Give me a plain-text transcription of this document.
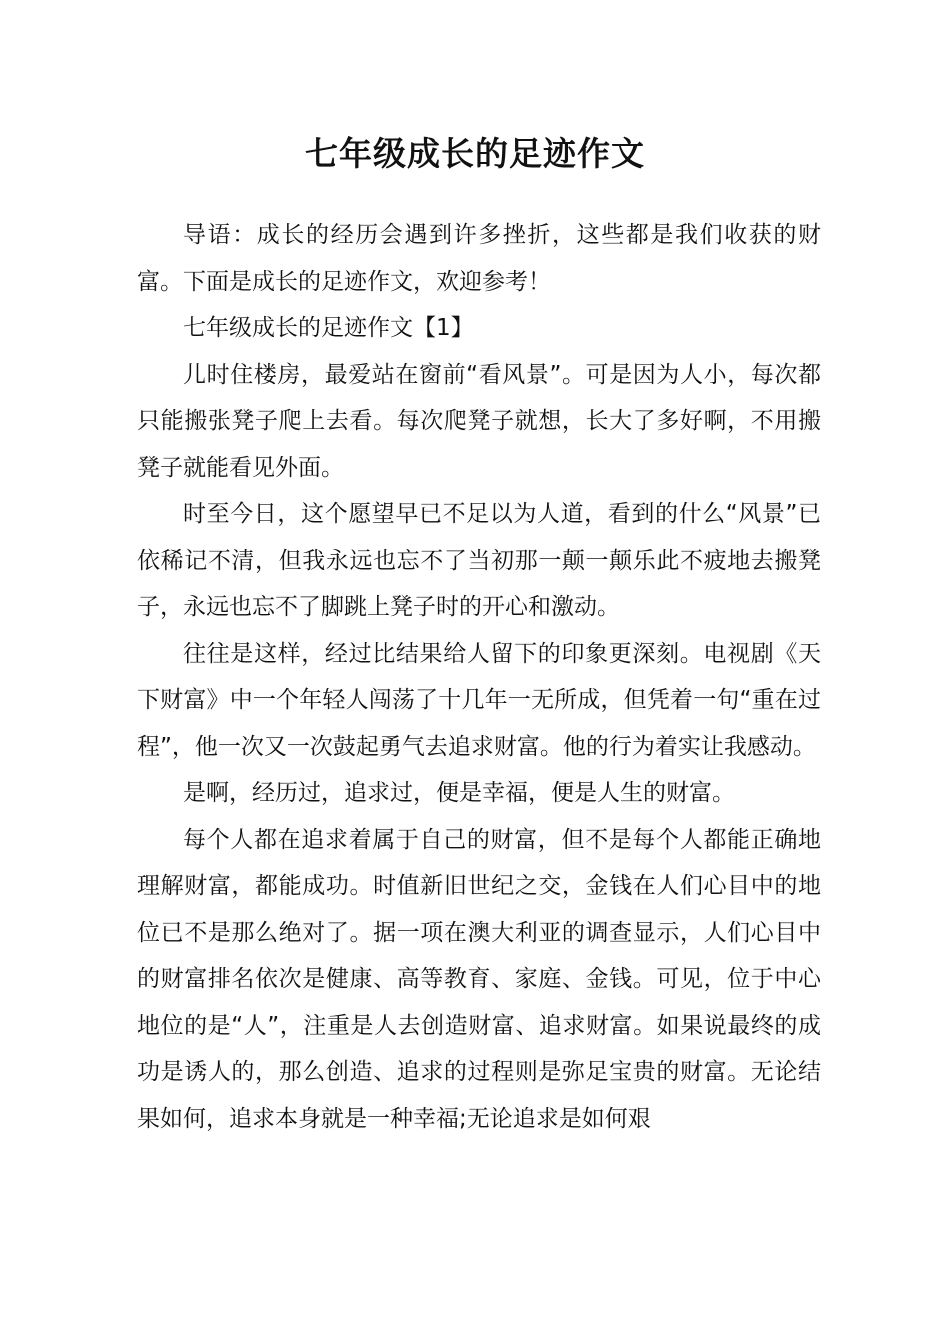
七年级成长的足迹作文

导语：成长的经历会遇到许多挫折，这些都是我们收获的财富。下面是成长的足迹作文，欢迎参考！

七年级成长的足迹作文【1】

儿时住楼房，最爱站在窗前“看风景”。可是因为人小，每次都只能搬张凳子爬上去看。每次爬凳子就想，长大了多好啊，不用搬凳子就能看见外面。

时至今日，这个愿望早已不足以为人道，看到的什么“风景”已依稀记不清，但我永远也忘不了当初那一颠一颠乐此不疲地去搬凳子，永远也忘不了脚跳上凳子时的开心和激动。

往往是这样，经过比结果给人留下的印象更深刻。电视剧《天下财富》中一个年轻人闯荡了十几年一无所成，但凭着一句“重在过程”，他一次又一次鼓起勇气去追求财富。他的行为着实让我感动。

是啊，经历过，追求过，便是幸福，便是人生的财富。

每个人都在追求着属于自己的财富，但不是每个人都能正确地理解财富，都能成功。时值新旧世纪之交，金钱在人们心目中的地位已不是那么绝对了。据一项在澳大利亚的调查显示，人们心目中的财富排名依次是健康、高等教育、家庭、金钱。可见，位于中心地位的是“人”，注重是人去创造财富、追求财富。如果说最终的成功是诱人的，那么创造、追求的过程则是弥足宝贵的财富。无论结果如何，追求本身就是一种幸福;无论追求是如何艰
